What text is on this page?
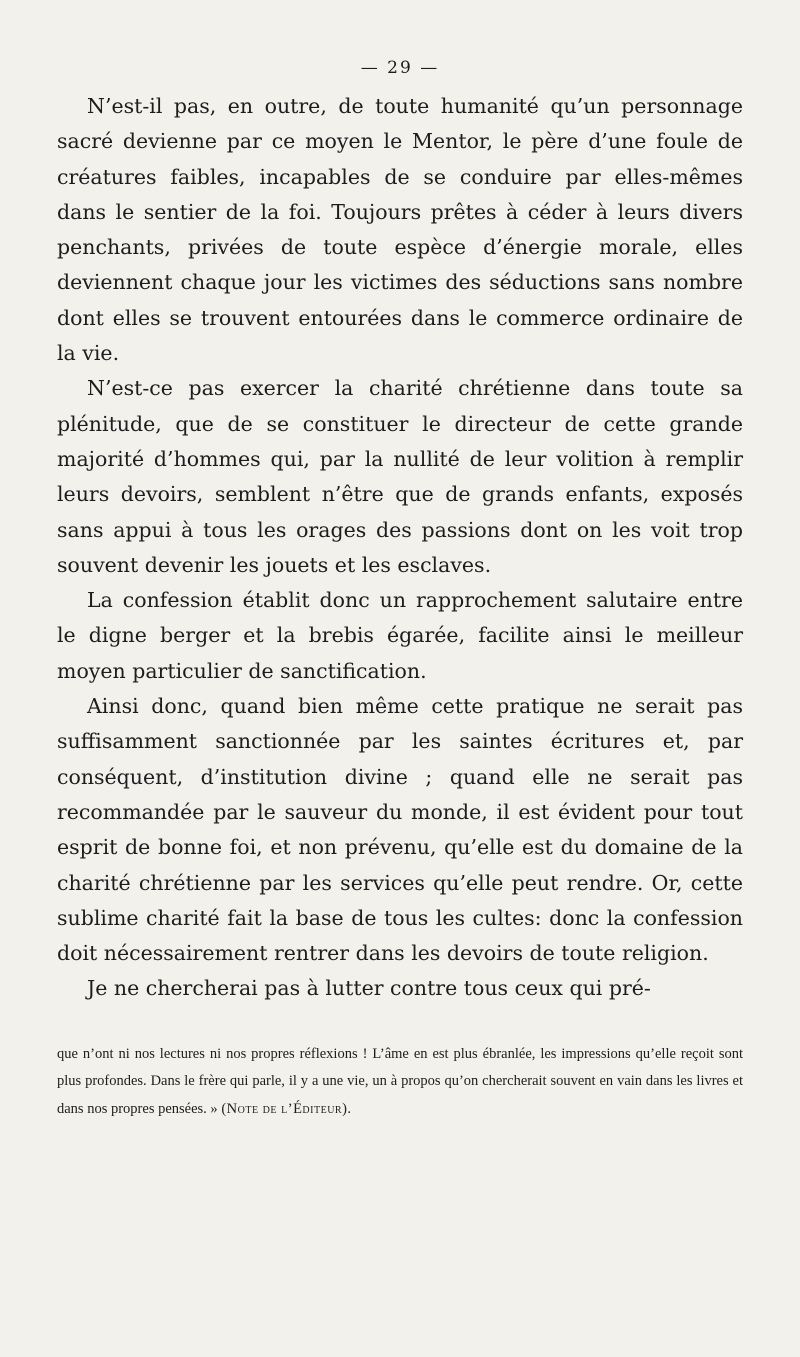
— 29 —

N’est-il pas, en outre, de toute humanité qu’un personnage sacré devienne par ce moyen le Mentor, le père d’une foule de créatures faibles, incapables de se conduire par elles-mêmes dans le sentier de la foi. Toujours prêtes à céder à leurs divers penchants, privées de toute espèce d’énergie morale, elles deviennent chaque jour les victimes des séductions sans nombre dont elles se trouvent entourées dans le commerce ordinaire de la vie.

N’est-ce pas exercer la charité chrétienne dans toute sa plénitude, que de se constituer le directeur de cette grande majorité d’hommes qui, par la nullité de leur volition à remplir leurs devoirs, semblent n’être que de grands enfants, exposés sans appui à tous les orages des passions dont on les voit trop souvent devenir les jouets et les esclaves.

La confession établit donc un rapprochement salutaire entre le digne berger et la brebis égarée, facilite ainsi le meilleur moyen particulier de sanctification.

Ainsi donc, quand bien même cette pratique ne serait pas suffisamment sanctionnée par les saintes écritures et, par conséquent, d’institution divine ; quand elle ne serait pas recommandée par le sauveur du monde, il est évident pour tout esprit de bonne foi, et non prévenu, qu’elle est du domaine de la charité chrétienne par les services qu’elle peut rendre. Or, cette sublime charité fait la base de tous les cultes: donc la confession doit nécessairement rentrer dans les devoirs de toute religion.

Je ne chercherai pas à lutter contre tous ceux qui pré-

que n’ont ni nos lectures ni nos propres réflexions ! L’âme en est plus ébranlée, les impressions qu’elle reçoit sont plus profondes. Dans le frère qui parle, il y a une vie, un à propos qu’on chercherait souvent en vain dans les livres et dans nos propres pensées. » (Note de l’Éditeur).
